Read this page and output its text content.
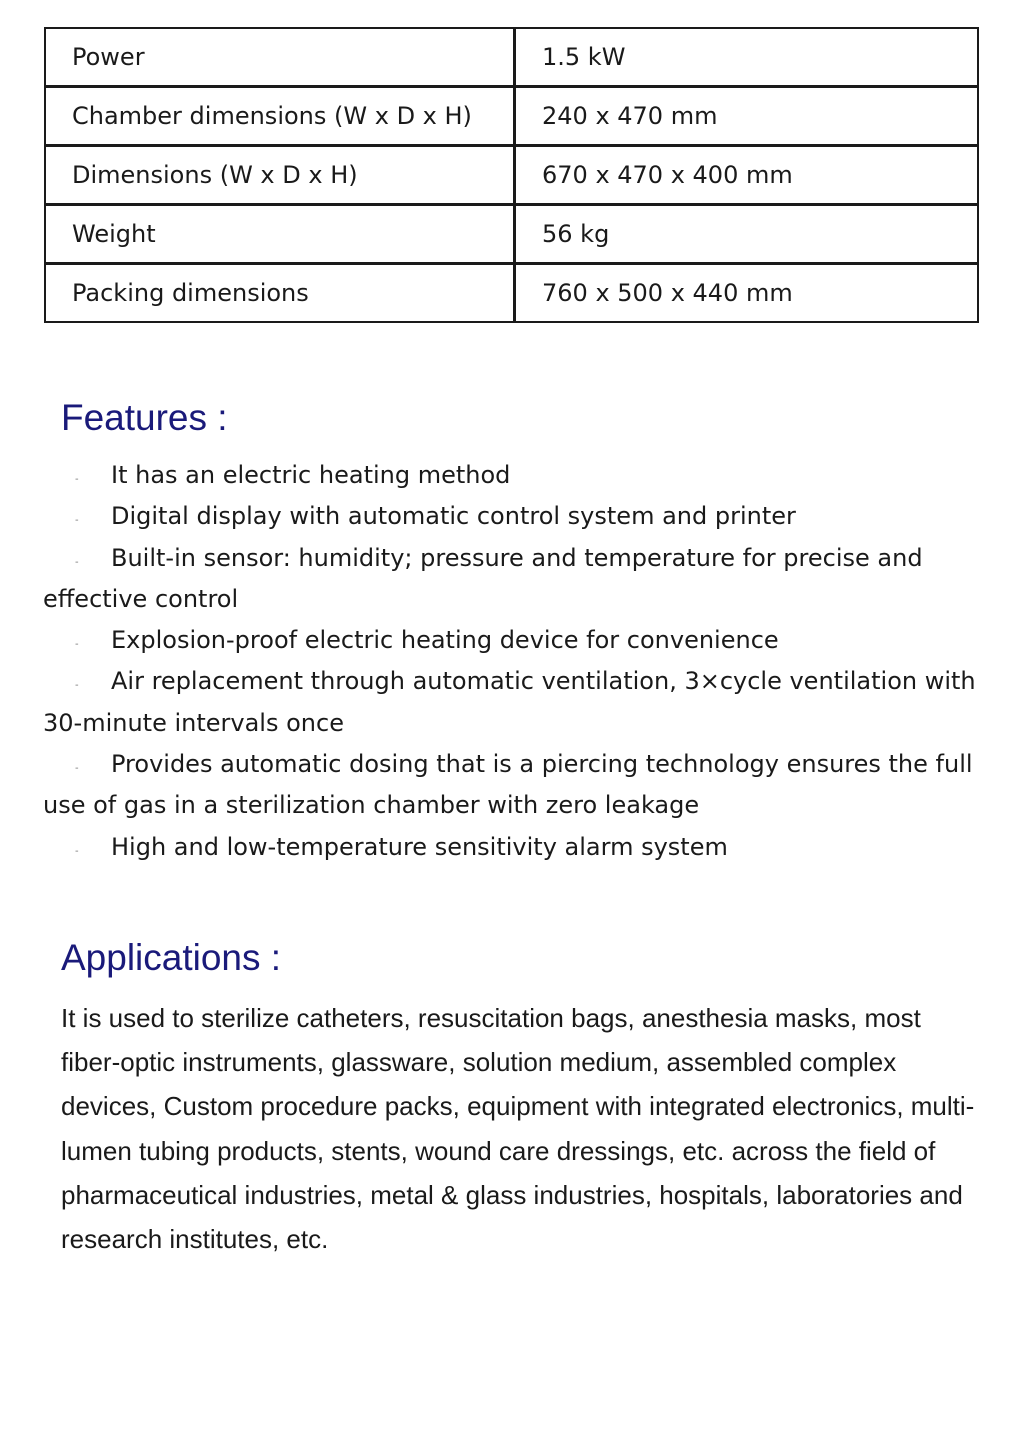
Power	1.5 kW
Chamber dimensions (W x D x H)	240 x 470 mm
Dimensions (W x D x H)	670 x 470 x 400 mm
Weight	56 kg
Packing dimensions	760 x 500 x 440 mm
Features :
- It has an electric heating method
- Digital display with automatic control system and printer
- Built-in sensor: humidity; pressure and temperature for precise and effective control
- Explosion-proof electric heating device for convenience
- Air replacement through automatic ventilation, 3×cycle ventilation with 30-minute intervals once
- Provides automatic dosing that is a piercing technology ensures the full use of gas in a sterilization chamber with zero leakage
- High and low-temperature sensitivity alarm system
Applications :

It is used to sterilize catheters, resuscitation bags, anesthesia masks, most fiber-optic instruments, glassware, solution medium, assembled complex devices, Custom procedure packs, equipment with integrated electronics, multi-lumen tubing products, stents, wound care dressings, etc. across the field of pharmaceutical industries, metal & glass industries, hospitals, laboratories and research institutes, etc.
